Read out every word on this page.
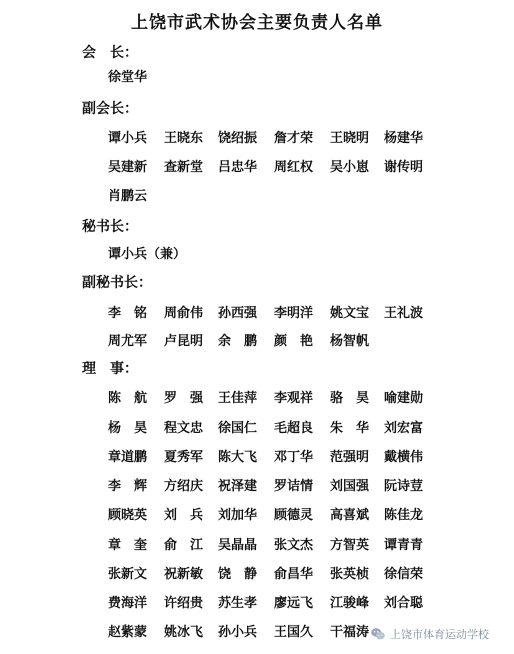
上饶市武术协会主要负责人名单
会　长：
副会长：
秘书长：
副秘书长：
理　事：
徐堂华
谭小兵 王晓东 饶绍振 詹才荣 王晓明 杨建华
吴建新 查新堂 吕忠华 周红权 吴小崽 谢传明
肖鹏云
谭小兵（兼）
李　铭 周俞伟 孙西强 李明洋 姚文宝 王礼波
周尤军 卢昆明 余　鹏 颜　艳 杨智帆
陈　航 罗　强 王佳萍 李观祥 骆　昊 喻建勋
杨　昊 程文忠 徐国仁 毛超良 朱　华 刘宏富
章道鹏 夏秀军 陈大飞 邓丁华 范强明 戴横伟
李　辉 方绍庆 祝泽建 罗诘情 刘国强 阮诗荳
顾晓英 刘　兵 刘加华 顾德灵 高喜斌 陈佳龙
章　奎 俞　江 吴晶晶 张文杰 方智英 谭青青
张新文 祝新敏 饶　静 俞昌华 张英桢 徐信荣
费海洋 许绍贵 苏生孝 廖远飞 江骏峰 刘合聪
赵紫蒙 姚冰飞 孙小兵 王国久 干福涛 上饶市体育运动学校
